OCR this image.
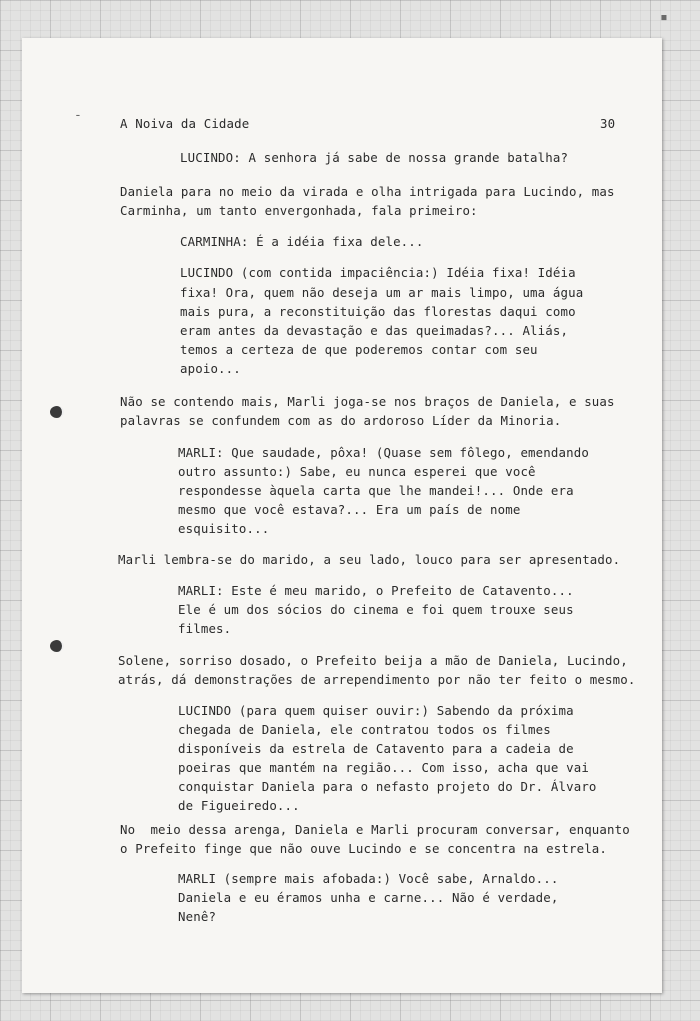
-
▪
A Noiva da Cidade	30
LUCINDO: A senhora já sabe de nossa grande batalha?
Daniela para no meio da virada e olha intrigada para Lucindo, mas
Carminha, um tanto envergonhada, fala primeiro:
CARMINHA: É a idéia fixa dele...
LUCINDO (com contida impaciência:) Idéia fixa! Idéia
fixa! Ora, quem não deseja um ar mais limpo, uma água
mais pura, a reconstituição das florestas daqui como
eram antes da devastação e das queimadas?... Aliás,
temos a certeza de que poderemos contar com seu
apoio...
Não se contendo mais, Marli joga-se nos braços de Daniela, e suas
palavras se confundem com as do ardoroso Líder da Minoria.
MARLI: Que saudade, pôxa! (Quase sem fôlego, emendando
outro assunto:) Sabe, eu nunca esperei que você
respondesse àquela carta que lhe mandei!... Onde era
mesmo que você estava?... Era um país de nome
esquisito...
Marli lembra-se do marido, a seu lado, louco para ser apresentado.
MARLI: Este é meu marido, o Prefeito de Catavento...
Ele é um dos sócios do cinema e foi quem trouxe seus
filmes.
Solene, sorriso dosado, o Prefeito beija a mão de Daniela, Lucindo,
atrás, dá demonstrações de arrependimento por não ter feito o mesmo.
LUCINDO (para quem quiser ouvir:) Sabendo da próxima
chegada de Daniela, ele contratou todos os filmes
disponíveis da estrela de Catavento para a cadeia de
poeiras que mantém na região... Com isso, acha que vai
conquistar Daniela para o nefasto projeto do Dr. Álvaro
de Figueiredo...
No  meio dessa arenga, Daniela e Marli procuram conversar, enquanto
o Prefeito finge que não ouve Lucindo e se concentra na estrela.
MARLI (sempre mais afobada:) Você sabe, Arnaldo...
Daniela e eu éramos unha e carne... Não é verdade,
Nenê?
